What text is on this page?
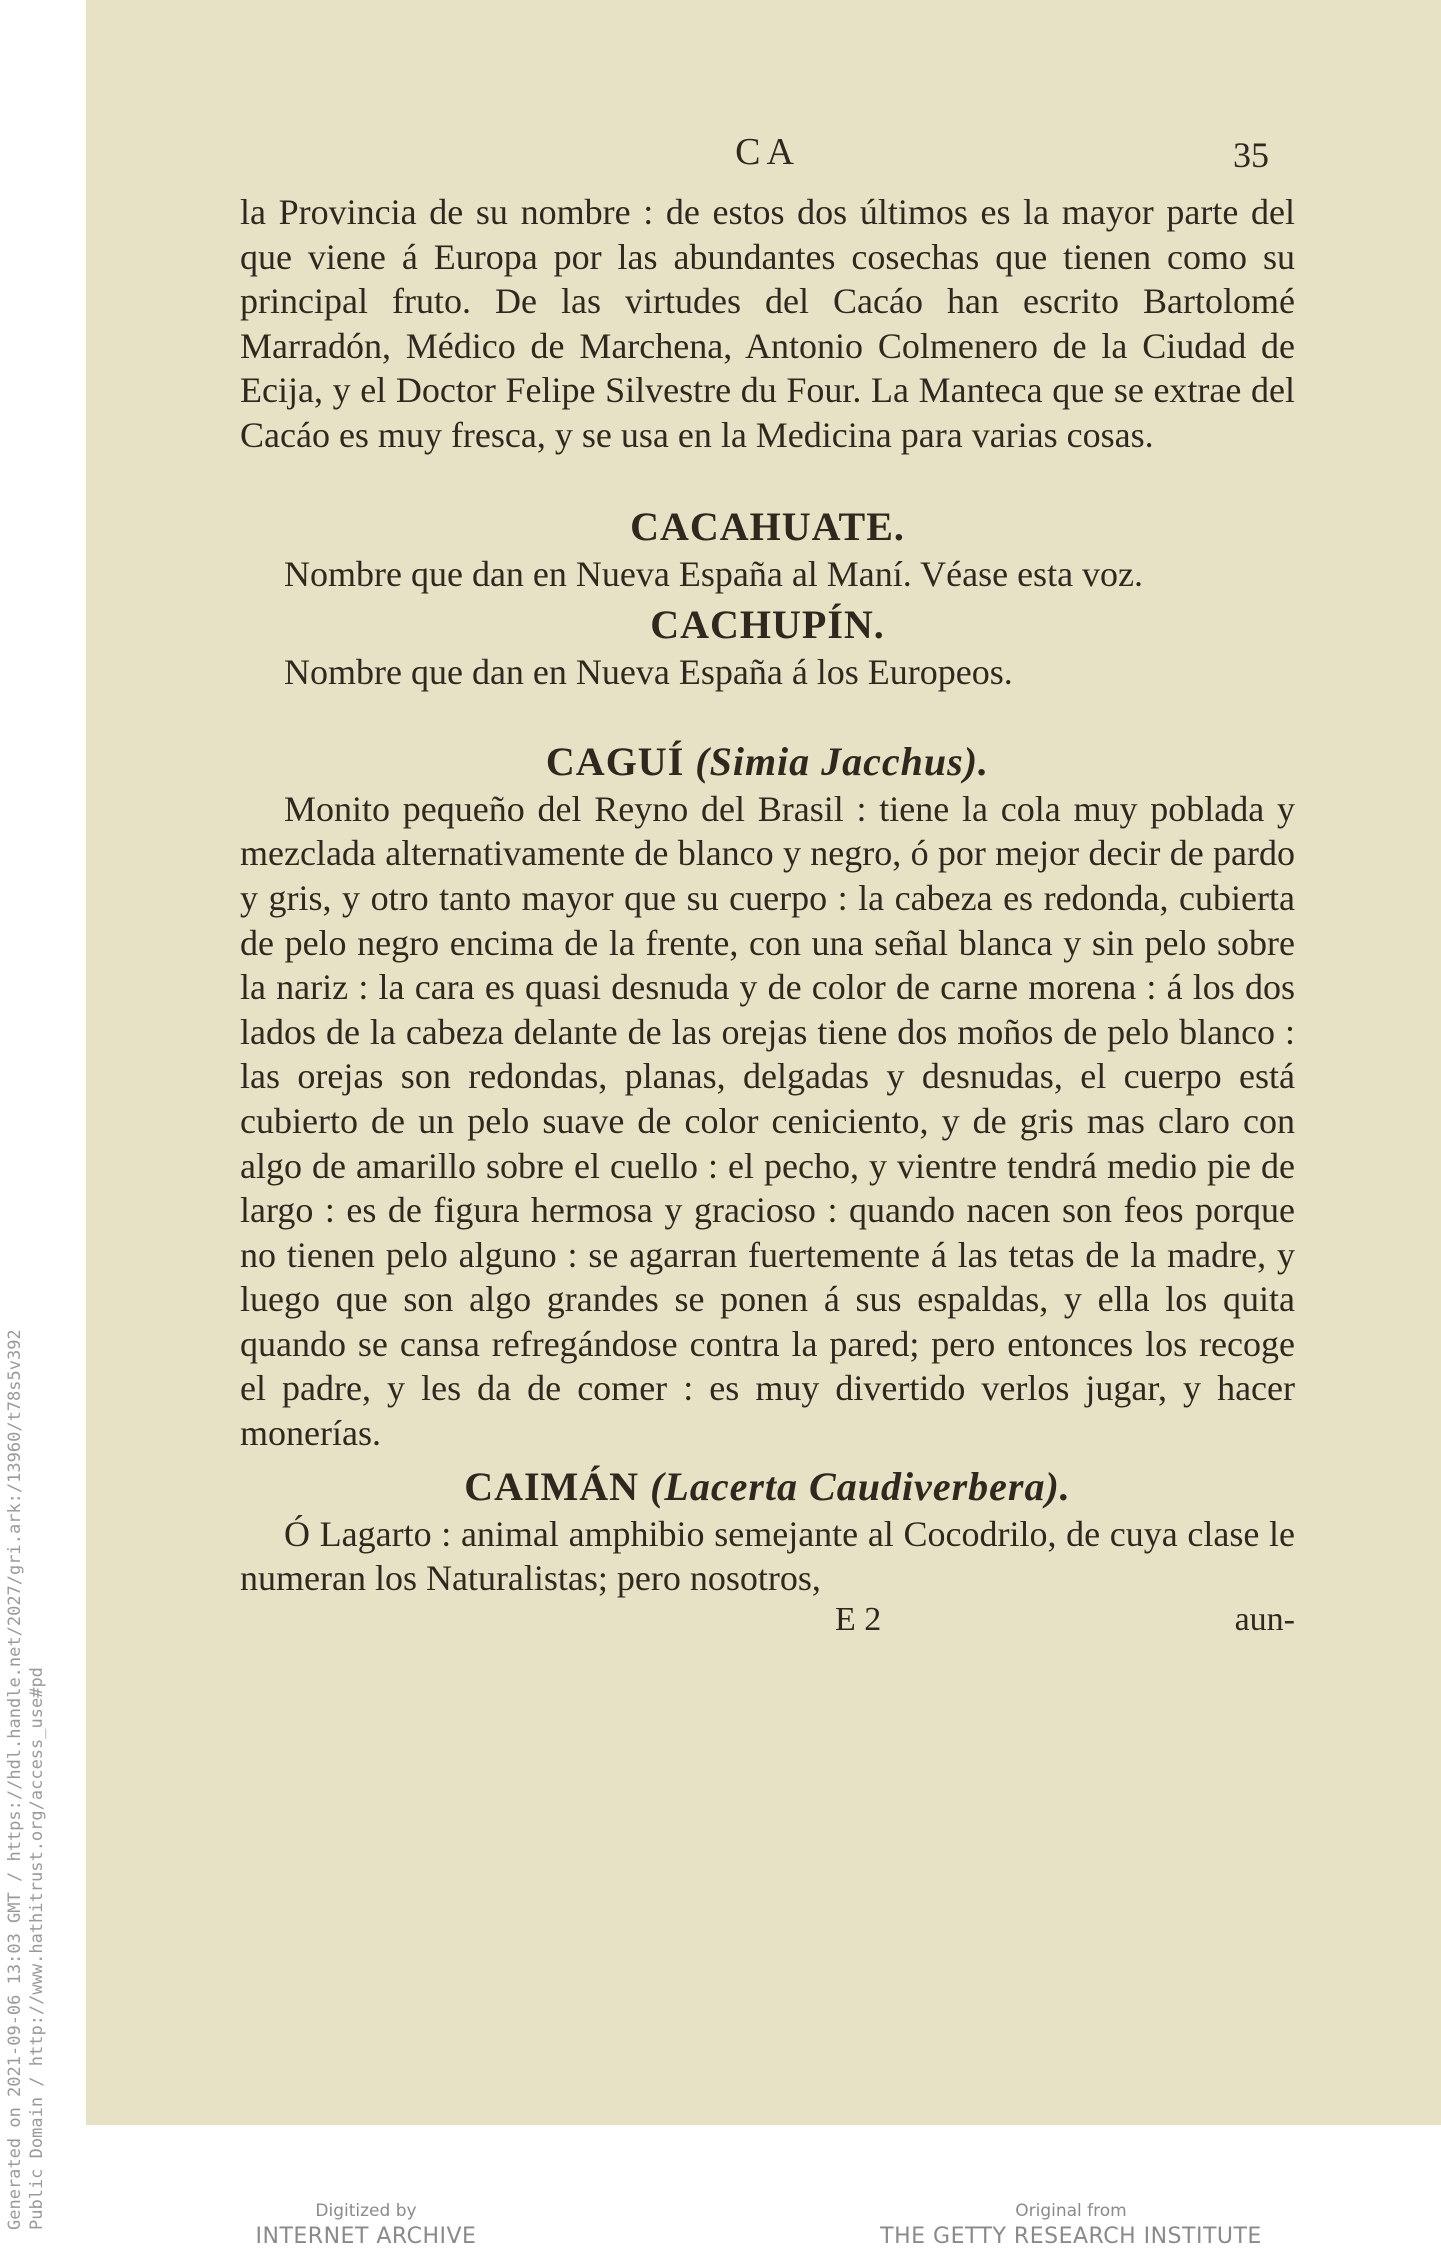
Generated on 2021-09-06 13:03 GMT / https://hdl.handle.net/2027/gri.ark:/13960/t78s5v392 Public Domain / http://www.hathitrust.org/access_use#pd
CA	35

la Provincia de su nombre : de estos dos últimos es la mayor parte del que viene á Europa por las abundantes cosechas que tienen como su principal fruto. De las virtudes del Cacáo han escrito Bartolomé Marradón, Médico de Marchena, Antonio Colmenero de la Ciudad de Ecija, y el Doctor Felipe Silvestre du Four. La Manteca que se extrae del Cacáo es muy fresca, y se usa en la Medicina para varias cosas.

CACAHUATE.

Nombre que dan en Nueva España al Maní. Véase esta voz.

CACHUPÍN.

Nombre que dan en Nueva España á los Europeos.

CAGUÍ (Simia Jacchus).

Monito pequeño del Reyno del Brasil : tiene la cola muy poblada y mezclada alternativamente de blanco y negro, ó por mejor decir de pardo y gris, y otro tanto mayor que su cuerpo : la cabeza es redonda, cubierta de pelo negro encima de la frente, con una señal blanca y sin pelo sobre la nariz : la cara es quasi desnuda y de color de carne morena : á los dos lados de la cabeza delante de las orejas tiene dos moños de pelo blanco : las orejas son redondas, planas, delgadas y desnudas, el cuerpo está cubierto de un pelo suave de color ceniciento, y de gris mas claro con algo de amarillo sobre el cuello : el pecho, y vientre tendrá medio pie de largo : es de figura hermosa y gracioso : quando nacen son feos porque no tienen pelo alguno : se agarran fuertemente á las tetas de la madre, y luego que son algo grandes se ponen á sus espaldas, y ella los quita quando se cansa refregándose contra la pared; pero entonces los recoge el padre, y les da de comer : es muy divertido verlos jugar, y hacer monerías.

CAIMÁN (Lacerta Caudiverbera).

Ó Lagarto : animal amphibio semejante al Cocodrilo, de cuya clase le numeran los Naturalistas; pero nosotros,

E 2	aun-
Digitized by
INTERNET ARCHIVE
Original from
THE GETTY RESEARCH INSTITUTE
